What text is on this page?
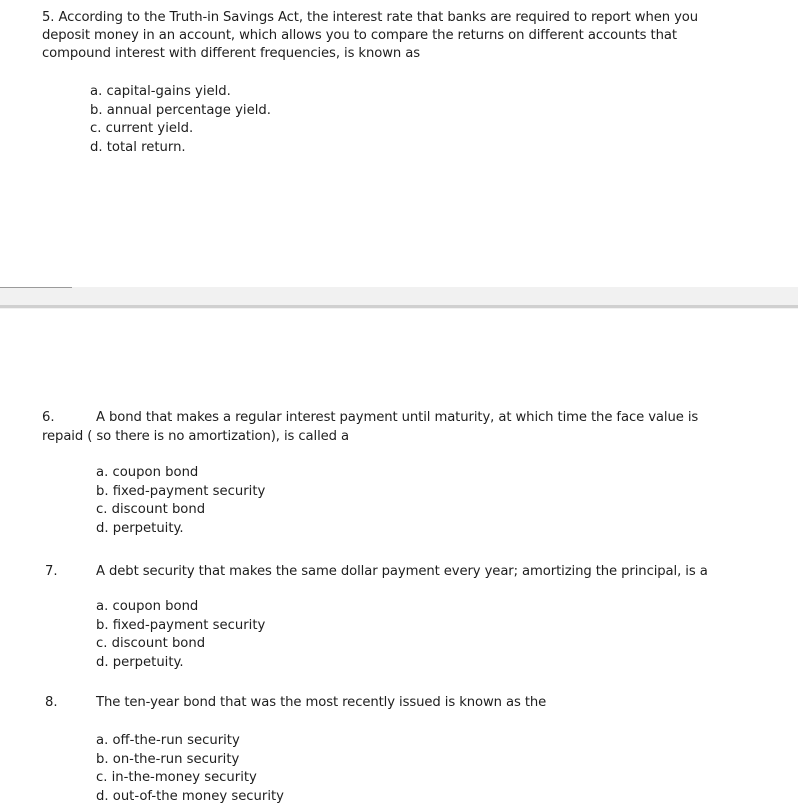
5. According to the Truth-in Savings Act, the interest rate that banks are required to report when you deposit money in an account, which allows you to compare the returns on different accounts that compound interest with different frequencies, is known as
a. capital-gains yield.
b. annual percentage yield.
c. current yield.
d. total return.
6.	A bond that makes a regular interest payment until maturity, at which time the face value is
repaid ( so there is no amortization), is called a
a. coupon bond
b. fixed-payment security
c. discount bond
d. perpetuity.
7.	A debt security that makes the same dollar payment every year; amortizing the principal, is a
a. coupon bond
b. fixed-payment security
c. discount bond
d. perpetuity.
8.	The ten-year bond that was the most recently issued is known as the
a. off-the-run security
b. on-the-run security
c. in-the-money security
d. out-of-the money security
